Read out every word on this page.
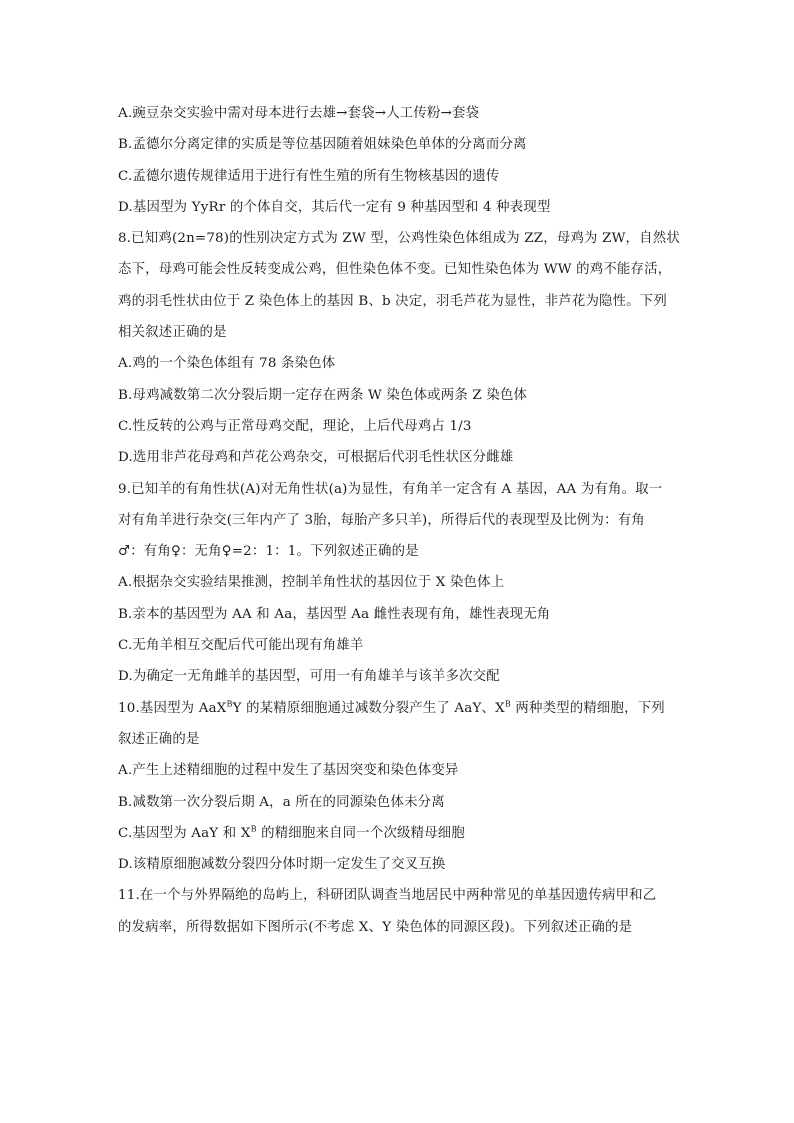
A.豌豆杂交实验中需对母本进行去雄→套袋→人工传粉→套袋
B.孟德尔分离定律的实质是等位基因随着姐妹染色单体的分离而分离
C.孟德尔遗传规律适用于进行有性生殖的所有生物核基因的遗传
D.基因型为 YyRr 的个体自交，其后代一定有 9 种基因型和 4 种表现型
8.已知鸡(2n=78)的性别决定方式为 ZW 型，公鸡性染色体组成为 ZZ，母鸡为 ZW，自然状
态下，母鸡可能会性反转变成公鸡，但性染色体不变。已知性染色体为 WW 的鸡不能存活，
鸡的羽毛性状由位于 Z 染色体上的基因 B、b 决定，羽毛芦花为显性，非芦花为隐性。下列
相关叙述正确的是
A.鸡的一个染色体组有 78 条染色体
B.母鸡减数第二次分裂后期一定存在两条 W 染色体或两条 Z 染色体
C.性反转的公鸡与正常母鸡交配，理论，上后代母鸡占 1/3
D.选用非芦花母鸡和芦花公鸡杂交，可根据后代羽毛性状区分雌雄
9.已知羊的有角性状(A)对无角性状(a)为显性，有角羊一定含有 A 基因，AA 为有角。取一
对有角羊进行杂交(三年内产了 3胎，每胎产多只羊)，所得后代的表现型及比例为：有角
♂：有角♀：无角♀=2：1：1。下列叙述正确的是
A.根据杂交实验结果推测，控制羊角性状的基因位于 X 染色体上
B.亲本的基因型为 AA 和 Aa，基因型 Aa 雌性表现有角，雄性表现无角
C.无角羊相互交配后代可能出现有角雄羊
D.为确定一无角雌羊的基因型，可用一有角雄羊与该羊多次交配
10.基因型为 AaX$^B$Y 的某精原细胞通过减数分裂产生了 AaY、$X^B$ 两种类型的精细胞，下列
叙述正确的是
A.产生上述精细胞的过程中发生了基因突变和染色体变异
B.减数第一次分裂后期 A，a 所在的同源染色体未分离
C.基因型为 AaY 和 $X^B$ 的精细胞来自同一个次级精母细胞
D.该精原细胞减数分裂四分体时期一定发生了交叉互换
11.在一个与外界隔绝的岛屿上，科研团队调查当地居民中两种常见的单基因遗传病甲和乙
的发病率，所得数据如下图所示(不考虑 X、Y 染色体的同源区段)。下列叙述正确的是
